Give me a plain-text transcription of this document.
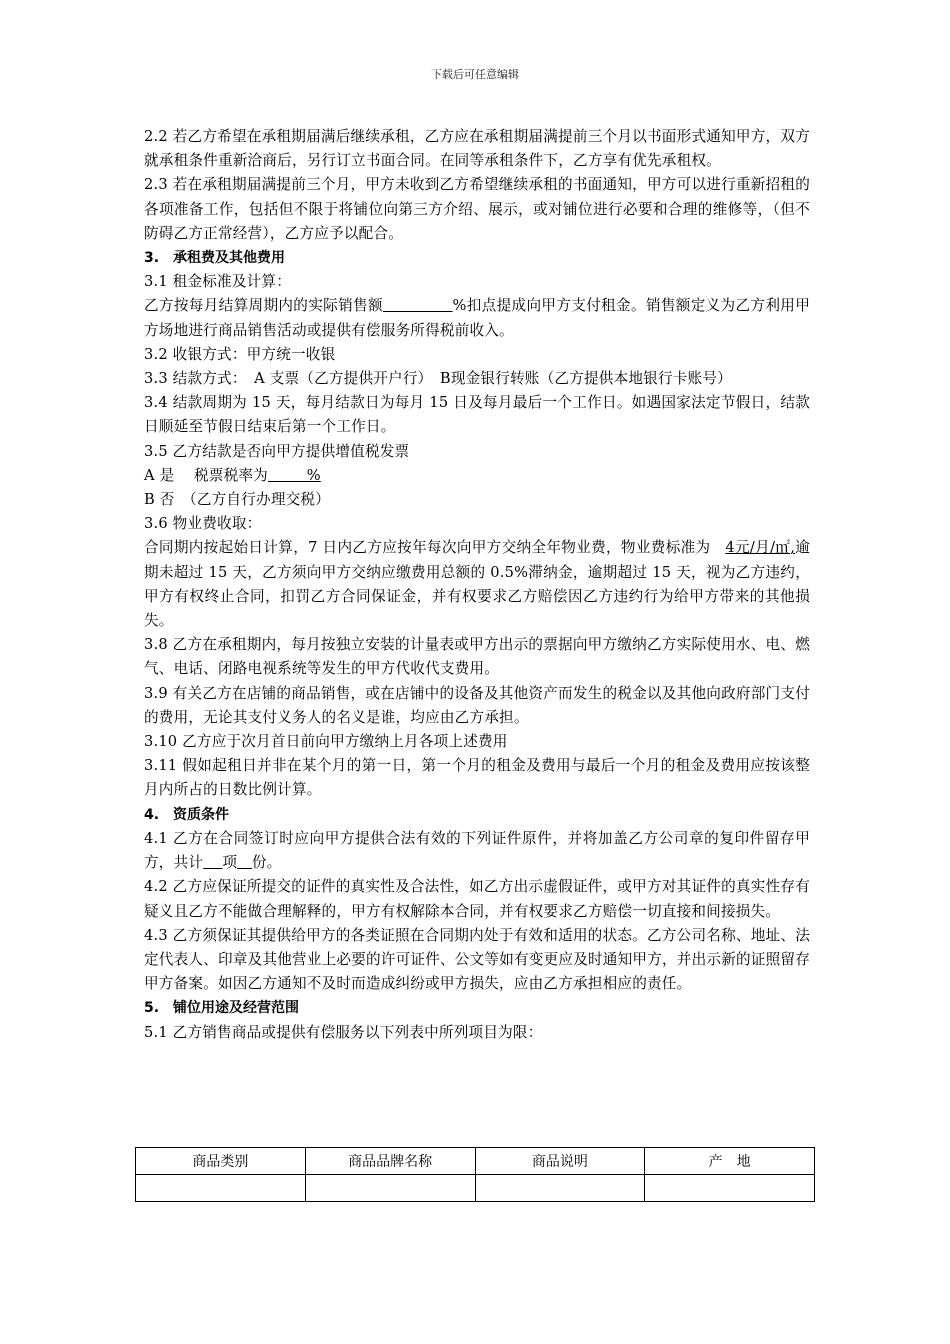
下载后可任意编辑

2.2 若乙方希望在承租期届满后继续承租，乙方应在承租期届满提前三个月以书面形式通知甲方，双方就承租条件重新洽商后，另行订立书面合同。在同等承租条件下，乙方享有优先承租权。

2.3 若在承租期届满提前三个月，甲方未收到乙方希望继续承租的书面通知，甲方可以进行重新招租的各项准备工作，包括但不限于将铺位向第三方介绍、展示，或对铺位进行必要和合理的维修等，（但不防碍乙方正常经营），乙方应予以配合。

3.　承租费及其他费用

3.1 租金标准及计算：

乙方按每月结算周期内的实际销售额	%扣点提成向甲方支付租金。销售额定义为乙方利用甲方场地进行商品销售活动或提供有偿服务所得税前收入。

3.2 收银方式：甲方统一收银

3.3 结款方式：　A 支票（乙方提供开户行）　B现金银行转账（乙方提供本地银行卡账号）

3.4 结款周期为 15 天，每月结款日为每月 15 日及每月最后一个工作日。如遇国家法定节假日，结款日顺延至节假日结束后第一个工作日。

3.5 乙方结款是否向甲方提供增值税发票

A 是　 税票税率为        %

B 否　（乙方自行办理交税）

3.6 物业费收取：

合同期内按起始日计算，7 日内乙方应按年每次向甲方交纳全年物业费，物业费标准为　4元/月/㎡,逾期未超过 15 天，乙方须向甲方交纳应缴费用总额的 0.5%滞纳金，逾期超过 15 天，视为乙方违约，甲方有权终止合同，扣罚乙方合同保证金，并有权要求乙方赔偿因乙方违约行为给甲方带来的其他损失。

3.8 乙方在承租期内，每月按独立安装的计量表或甲方出示的票据向甲方缴纳乙方实际使用水、电、燃气、电话、闭路电视系统等发生的甲方代收代支费用。

3.9 有关乙方在店铺的商品销售，或在店铺中的设备及其他资产而发生的税金以及其他向政府部门支付的费用，无论其支付义务人的名义是谁，均应由乙方承担。

3.10 乙方应于次月首日前向甲方缴纳上月各项上述费用

3.11 假如起租日并非在某个月的第一日，第一个月的租金及费用与最后一个月的租金及费用应按该整月内所占的日数比例计算。

4.　资质条件

4.1 乙方在合同签订时应向甲方提供合法有效的下列证件原件，并将加盖乙方公司章的复印件留存甲方，共计 项 份。

4.2 乙方应保证所提交的证件的真实性及合法性，如乙方出示虚假证件，或甲方对其证件的真实性存有疑义且乙方不能做合理解释的，甲方有权解除本合同，并有权要求乙方赔偿一切直接和间接损失。

4.3 乙方须保证其提供给甲方的各类证照在合同期内处于有效和适用的状态。乙方公司名称、地址、法定代表人、印章及其他营业上必要的许可证件、公文等如有变更应及时通知甲方，并出示新的证照留存甲方备案。如因乙方通知不及时而造成纠纷或甲方损失，应由乙方承担相应的责任。

5.　铺位用途及经营范围

5.1 乙方销售商品或提供有偿服务以下列表中所列项目为限：

商品类别	商品品牌名称	商品说明	产　地
